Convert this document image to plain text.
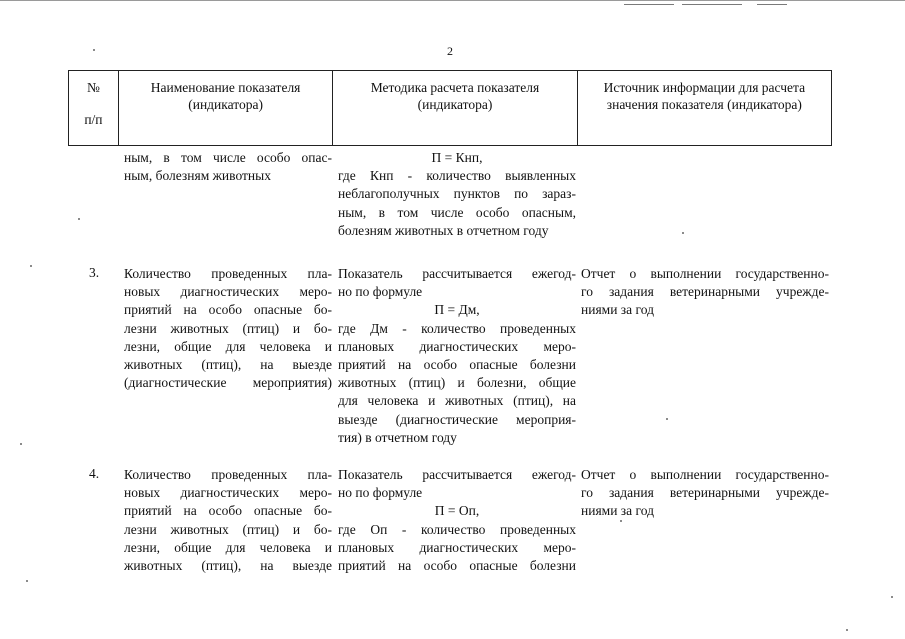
2
№
п/п
Наименование показателя (индикатора)
Методика расчета показателя (индикатора)
Источник информации для расчета значения показателя (индикатора)
ным, в том числе особо опас-
ным, болезням животных
П = Кнп,
где Кнп - количество выявленных
неблагополучных пунктов по зараз-
ным, в том числе особо опасным,
болезням животных в отчетном году
3. Количество проведенных пла-
новых диагностических меро-
приятий на особо опасные бо-
лезни животных (птиц) и бо-
лезни, общие для человека и
животных (птиц), на выезде
(диагностические мероприятия)
Показатель рассчитывается ежегод-
но по формуле
П = Дм,
где Дм - количество проведенных
плановых диагностических меро-
приятий на особо опасные болезни
животных (птиц) и болезни, общие
для человека и животных (птиц), на
выезде (диагностические мероприя-
тия) в отчетном году
Отчет о выполнении государственно-
го задания ветеринарными учрежде-
ниями за год
4. Количество проведенных пла-
новых диагностических меро-
приятий на особо опасные бо-
лезни животных (птиц) и бо-
лезни, общие для человека и
животных (птиц), на выезде
Показатель рассчитывается ежегод-
но по формуле
П = Оп,
где Оп - количество проведенных
плановых диагностических меро-
приятий на особо опасные болезни
Отчет о выполнении государственно-
го задания ветеринарными учрежде-
ниями за год
